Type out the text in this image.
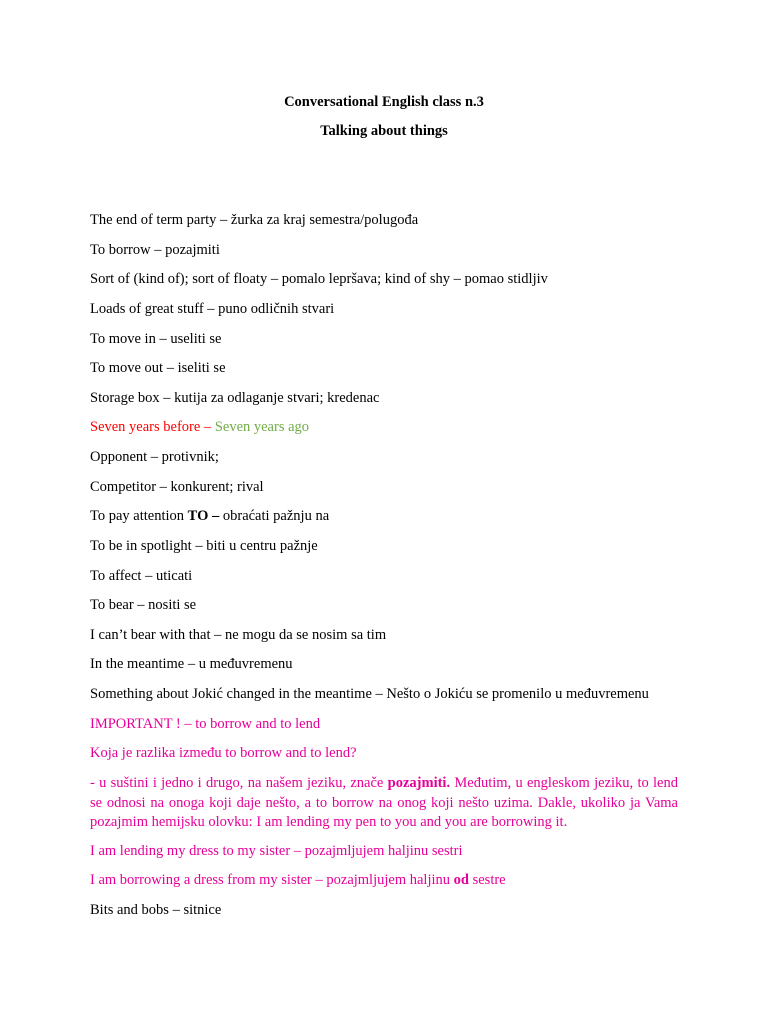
Conversational English class n.3
Talking about things
The end of term party – žurka za kraj semestra/polugođa
To borrow – pozajmiti
Sort of (kind of); sort of floaty – pomalo lepršava; kind of shy – pomao stidljiv
Loads of great stuff – puno odličnih stvari
To move in – useliti se
To move out – iseliti se
Storage box – kutija za odlaganje stvari; kredenac
Seven years before – Seven years ago
Opponent – protivnik;
Competitor – konkurent; rival
To pay attention TO – obraćati pažnju na
To be in spotlight – biti u centru pažnje
To affect – uticati
To bear – nositi se
I can’t bear with that – ne mogu da se nosim sa tim
In the meantime – u međuvremenu
Something about Jokić changed in the meantime – Nešto o Jokiću se promenilo u međuvremenu
IMPORTANT ! – to borrow and to lend
Koja je razlika između to borrow and to lend?
- u suštini i jedno i drugo, na našem jeziku, znače pozajmiti. Međutim, u engleskom jeziku, to lend se odnosi na onoga koji daje nešto, a to borrow na onog koji nešto uzima. Dakle, ukoliko ja Vama pozajmim hemijsku olovku: I am lending my pen to you and you are borrowing it.
I am lending my dress to my sister – pozajmljujem haljinu sestri
I am borrowing a dress from my sister – pozajmljujem haljinu od sestre
Bits and bobs – sitnice
